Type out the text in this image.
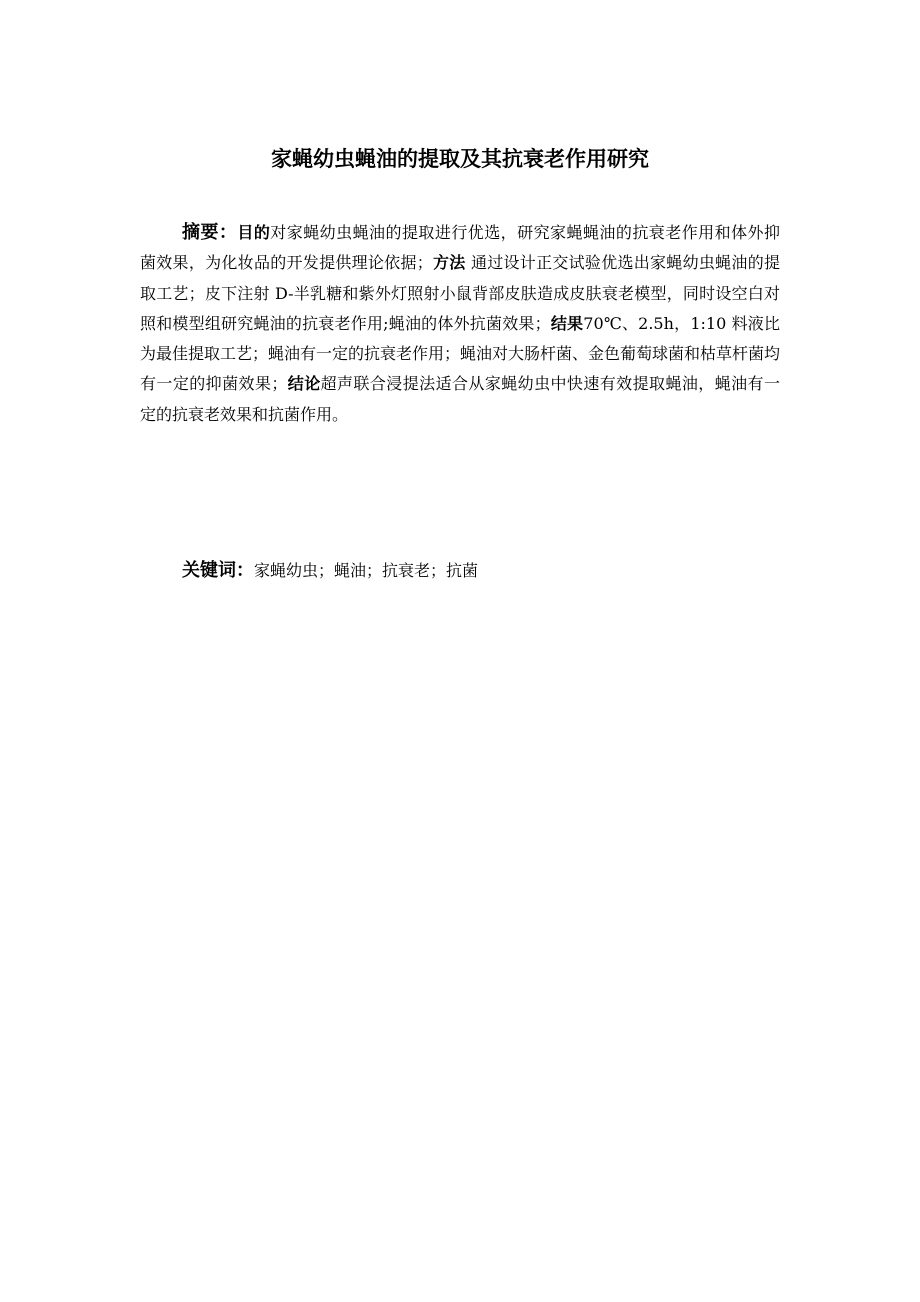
家蝇幼虫蝇油的提取及其抗衰老作用研究

摘要：目的对家蝇幼虫蝇油的提取进行优选，研究家蝇蝇油的抗衰老作用和体外抑菌效果，为化妆品的开发提供理论依据；方法 通过设计正交试验优选出家蝇幼虫蝇油的提取工艺；皮下注射 D-半乳糖和紫外灯照射小鼠背部皮肤造成皮肤衰老模型，同时设空白对照和模型组研究蝇油的抗衰老作用;蝇油的体外抗菌效果；结果70℃、2.5h，1:10 料液比为最佳提取工艺；蝇油有一定的抗衰老作用；蝇油对大肠杆菌、金色葡萄球菌和枯草杆菌均有一定的抑菌效果；结论超声联合浸提法适合从家蝇幼虫中快速有效提取蝇油，蝇油有一定的抗衰老效果和抗菌作用。

关键词：家蝇幼虫；蝇油；抗衰老；抗菌
